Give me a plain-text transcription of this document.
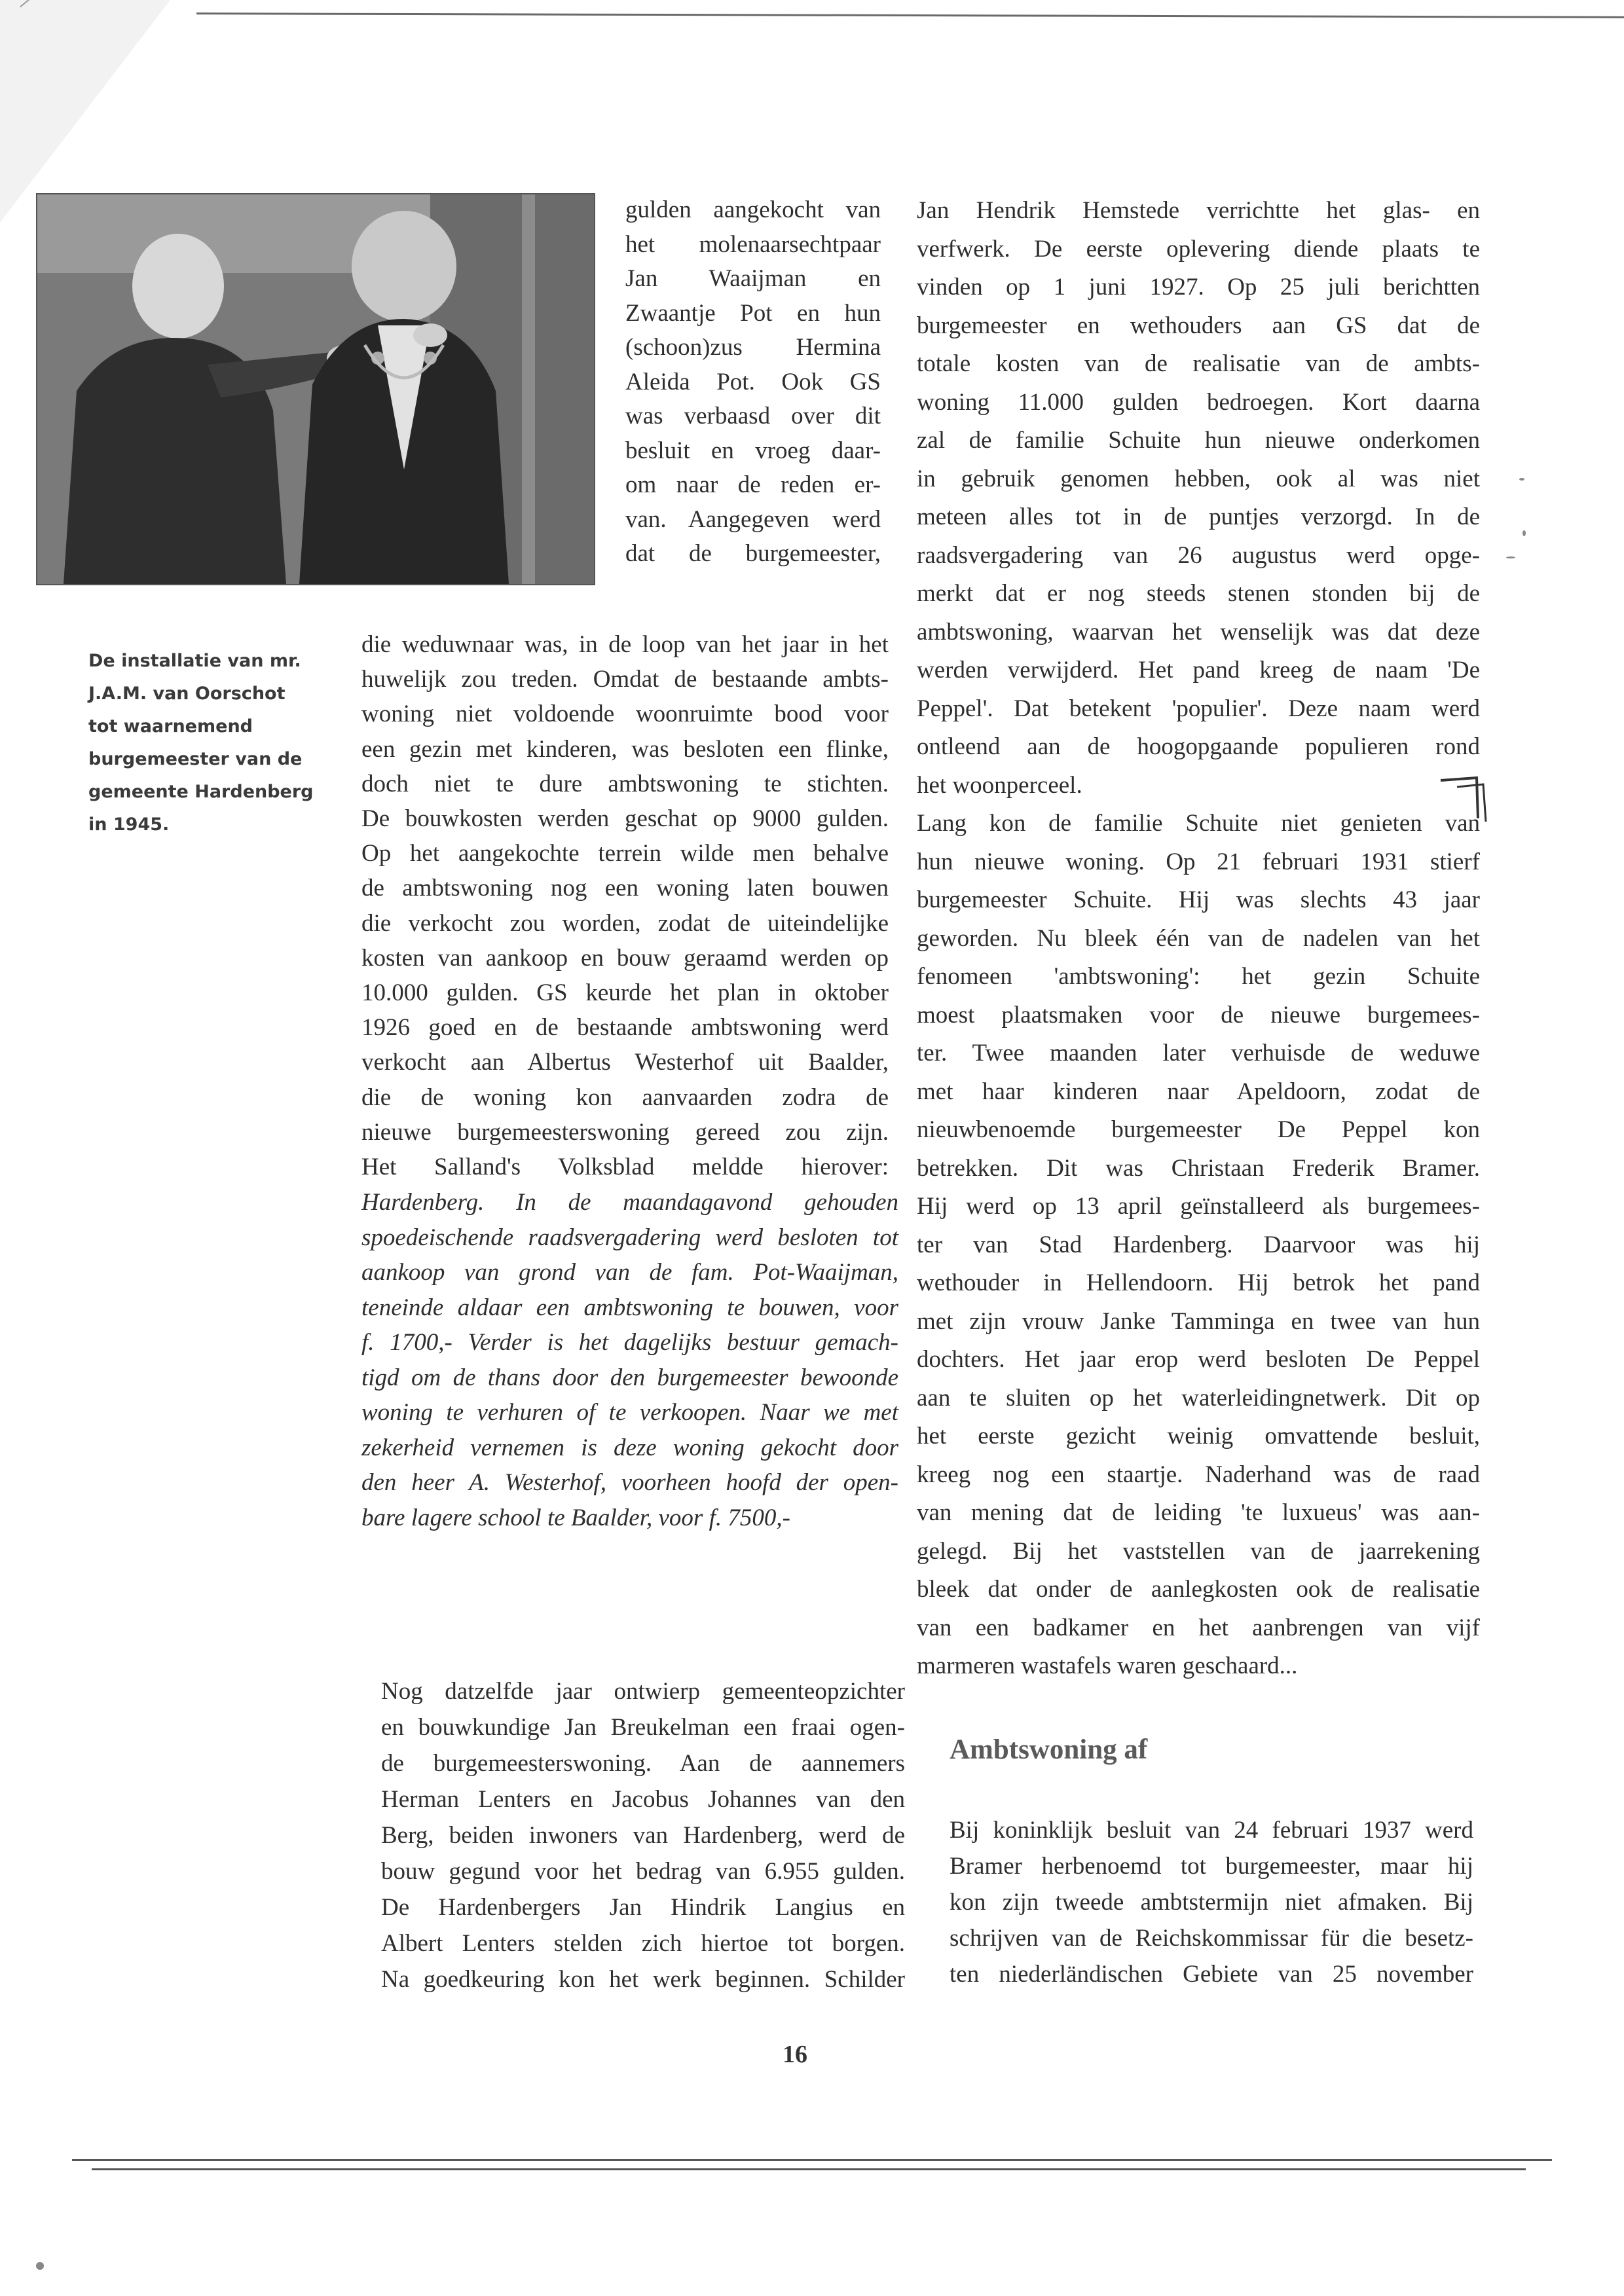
De installatie van mr.
J.A.M. van Oorschot
tot waarnemend
burgemeester van de
gemeente Hardenberg
in 1945.

gulden aangekocht van
het molenaarsechtpaar
Jan Waaijman en
Zwaantje Pot en hun
(schoon)zus Hermina
Aleida Pot. Ook GS
was verbaasd over dit
besluit en vroeg daar-
om naar de reden er-
van. Aangegeven werd
dat de burgemeester,

die weduwnaar was, in de loop van het jaar in het
huwelijk zou treden. Omdat de bestaande ambts-
woning niet voldoende woonruimte bood voor
een gezin met kinderen, was besloten een flinke,
doch niet te dure ambtswoning te stichten.
De bouwkosten werden geschat op 9000 gulden.
Op het aangekochte terrein wilde men behalve
de ambtswoning nog een woning laten bouwen
die verkocht zou worden, zodat de uiteindelijke
kosten van aankoop en bouw geraamd werden op
10.000 gulden. GS keurde het plan in oktober
1926 goed en de bestaande ambtswoning werd
verkocht aan Albertus Westerhof uit Baalder,
die de woning kon aanvaarden zodra de
nieuwe burgemeesterswoning gereed zou zijn.
Het Salland's Volksblad meldde hierover:

Hardenberg. In de maandagavond gehouden
spoedeischende raadsvergadering werd besloten tot
aankoop van grond van de fam. Pot-Waaijman,
teneinde aldaar een ambtswoning te bouwen, voor
f. 1700,- Verder is het dagelijks bestuur gemach-
tigd om de thans door den burgemeester bewoonde
woning te verhuren of te verkoopen. Naar we met
zekerheid vernemen is deze woning gekocht door
den heer A. Westerhof, voorheen hoofd der open-
bare lagere school te Baalder, voor f. 7500,-

Nog datzelfde jaar ontwierp gemeenteopzichter
en bouwkundige Jan Breukelman een fraai ogen-
de burgemeesterswoning. Aan de aannemers
Herman Lenters en Jacobus Johannes van den
Berg, beiden inwoners van Hardenberg, werd de
bouw gegund voor het bedrag van 6.955 gulden.
De Hardenbergers Jan Hindrik Langius en
Albert Lenters stelden zich hiertoe tot borgen.
Na goedkeuring kon het werk beginnen. Schilder

Jan Hendrik Hemstede verrichtte het glas- en
verfwerk. De eerste oplevering diende plaats te
vinden op 1 juni 1927. Op 25 juli berichtten
burgemeester en wethouders aan GS dat de
totale kosten van de realisatie van de ambts-
woning 11.000 gulden bedroegen. Kort daarna
zal de familie Schuite hun nieuwe onderkomen
in gebruik genomen hebben, ook al was niet
meteen alles tot in de puntjes verzorgd. In de
raadsvergadering van 26 augustus werd opge-
merkt dat er nog steeds stenen stonden bij de
ambtswoning, waarvan het wenselijk was dat deze
werden verwijderd. Het pand kreeg de naam 'De
Peppel'. Dat betekent 'populier'. Deze naam werd
ontleend aan de hoogopgaande populieren rond
het woonperceel.
Lang kon de familie Schuite niet genieten van
hun nieuwe woning. Op 21 februari 1931 stierf
burgemeester Schuite. Hij was slechts 43 jaar
geworden. Nu bleek één van de nadelen van het
fenomeen 'ambtswoning': het gezin Schuite
moest plaatsmaken voor de nieuwe burgemees-
ter. Twee maanden later verhuisde de weduwe
met haar kinderen naar Apeldoorn, zodat de
nieuwbenoemde burgemeester De Peppel kon
betrekken. Dit was Christaan Frederik Bramer.
Hij werd op 13 april geïnstalleerd als burgemees-
ter van Stad Hardenberg. Daarvoor was hij
wethouder in Hellendoorn. Hij betrok het pand
met zijn vrouw Janke Tamminga en twee van hun
dochters. Het jaar erop werd besloten De Peppel
aan te sluiten op het waterleidingnetwerk. Dit op
het eerste gezicht weinig omvattende besluit,
kreeg nog een staartje. Naderhand was de raad
van mening dat de leiding 'te luxueus' was aan-
gelegd. Bij het vaststellen van de jaarrekening
bleek dat onder de aanlegkosten ook de realisatie
van een badkamer en het aanbrengen van vijf
marmeren wastafels waren geschaard...

Ambtswoning af

Bij koninklijk besluit van 24 februari 1937 werd
Bramer herbenoemd tot burgemeester, maar hij
kon zijn tweede ambtstermijn niet afmaken. Bij
schrijven van de Reichskommissar für die besetz-
ten niederländischen Gebiete van 25 november

16
